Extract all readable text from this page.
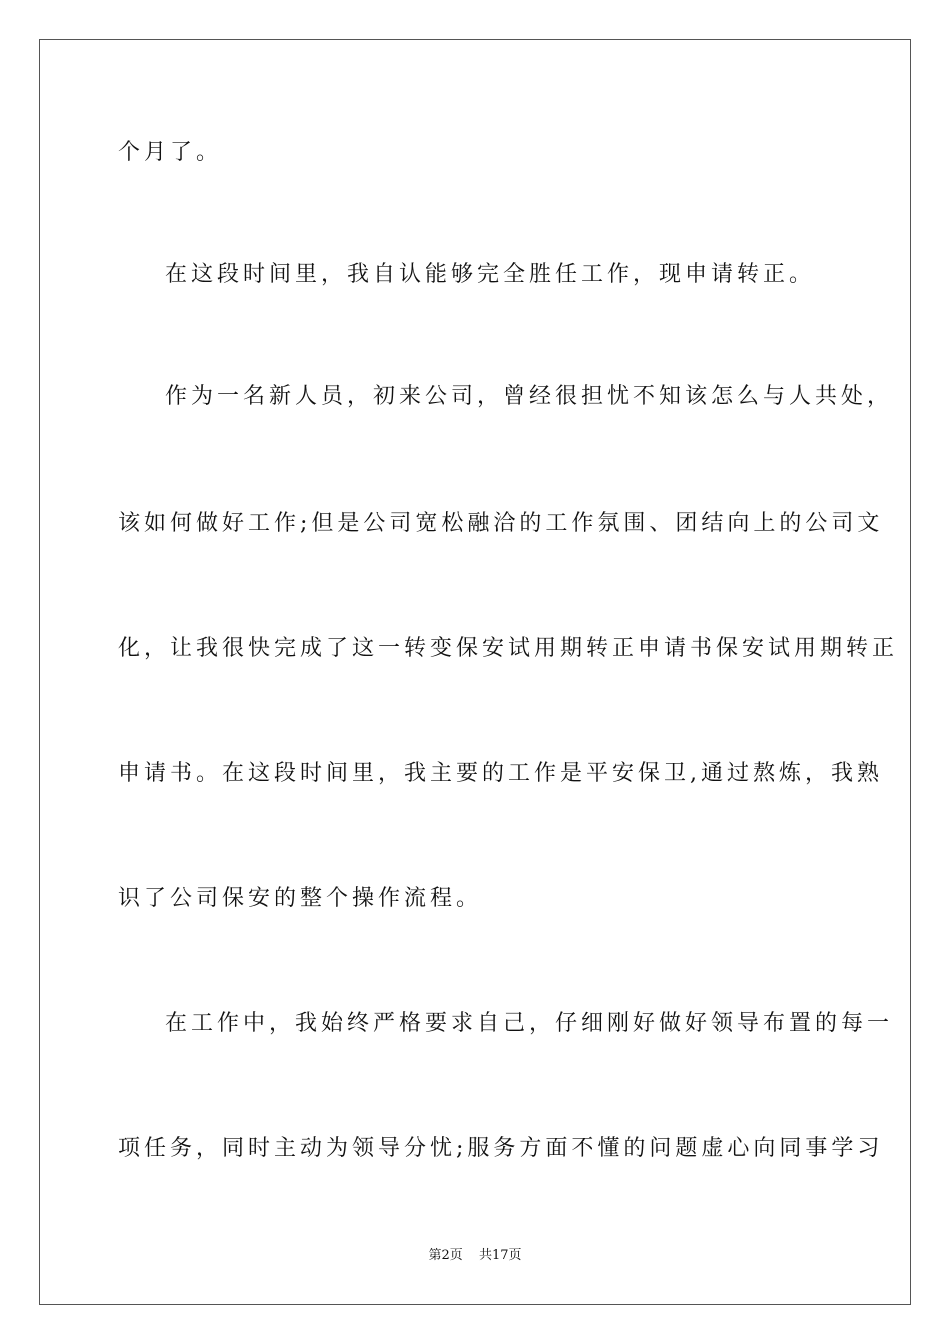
个月了。
在这段时间里，我自认能够完全胜任工作，现申请转正。
作为一名新人员，初来公司，曾经很担忧不知该怎么与人共处，
该如何做好工作;但是公司宽松融洽的工作氛围、团结向上的公司文
化，让我很快完成了这一转变保安试用期转正申请书保安试用期转正
申请书。在这段时间里，我主要的工作是平安保卫,通过熬炼，我熟
识了公司保安的整个操作流程。
在工作中，我始终严格要求自己，仔细刚好做好领导布置的每一
项任务，同时主动为领导分忧;服务方面不懂的问题虚心向同事学习
第2页 共17页
